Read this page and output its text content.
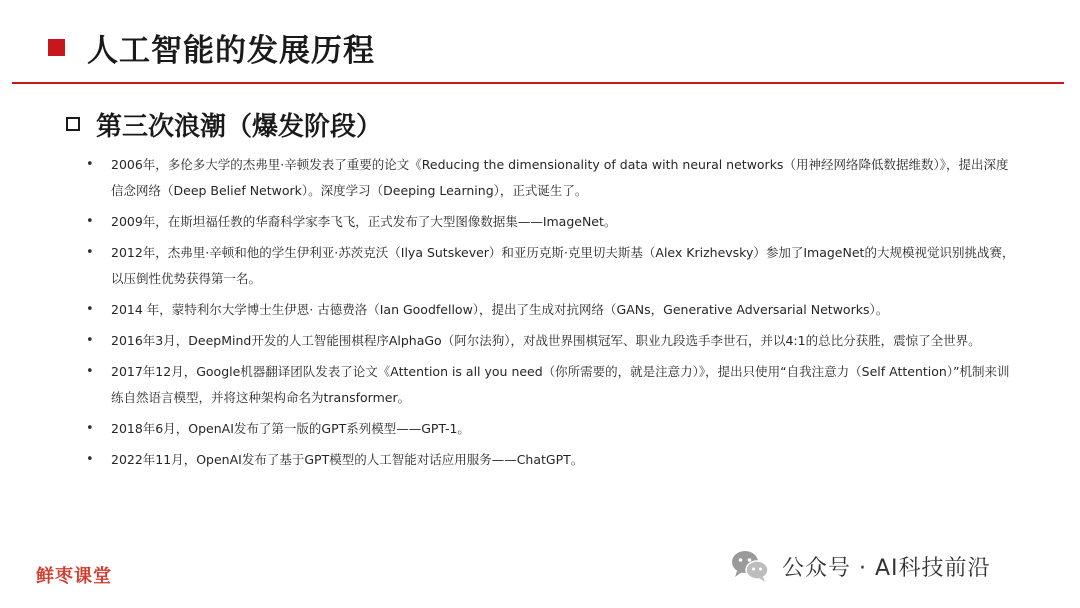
人工智能的发展历程
第三次浪潮（爆发阶段）
•	2006年，多伦多大学的杰弗里·辛顿发表了重要的论文《Reducing the dimensionality of data with neural networks（用神经网络降低数据维数）》，提出深度信念网络（Deep Belief Network）。深度学习（Deeping Learning），正式诞生了。
•	2009年，在斯坦福任教的华裔科学家李飞飞，正式发布了大型图像数据集——ImageNet。
•	2012年，杰弗里·辛顿和他的学生伊利亚·苏茨克沃（Ilya Sutskever）和亚历克斯·克里切夫斯基（Alex Krizhevsky）参加了ImageNet的大规模视觉识别挑战赛，以压倒性优势获得第一名。
•	2014 年，蒙特利尔大学博士生伊恩· 古德费洛（Ian Goodfellow），提出了生成对抗网络（GANs，Generative Adversarial Networks）。
•	2016年3月，DeepMind开发的人工智能围棋程序AlphaGo（阿尔法狗），对战世界围棋冠军、职业九段选手李世石，并以4:1的总比分获胜，震惊了全世界。
•	2017年12月，Google机器翻译团队发表了论文《Attention is all you need（你所需要的，就是注意力）》，提出只使用“自我注意力（Self Attention）”机制来训练自然语言模型，并将这种架构命名为transformer。
•	2018年6月，OpenAI发布了第一版的GPT系列模型——GPT-1。
•	2022年11月，OpenAI发布了基于GPT模型的人工智能对话应用服务——ChatGPT。
鲜枣课堂	公众号 · AI科技前沿
